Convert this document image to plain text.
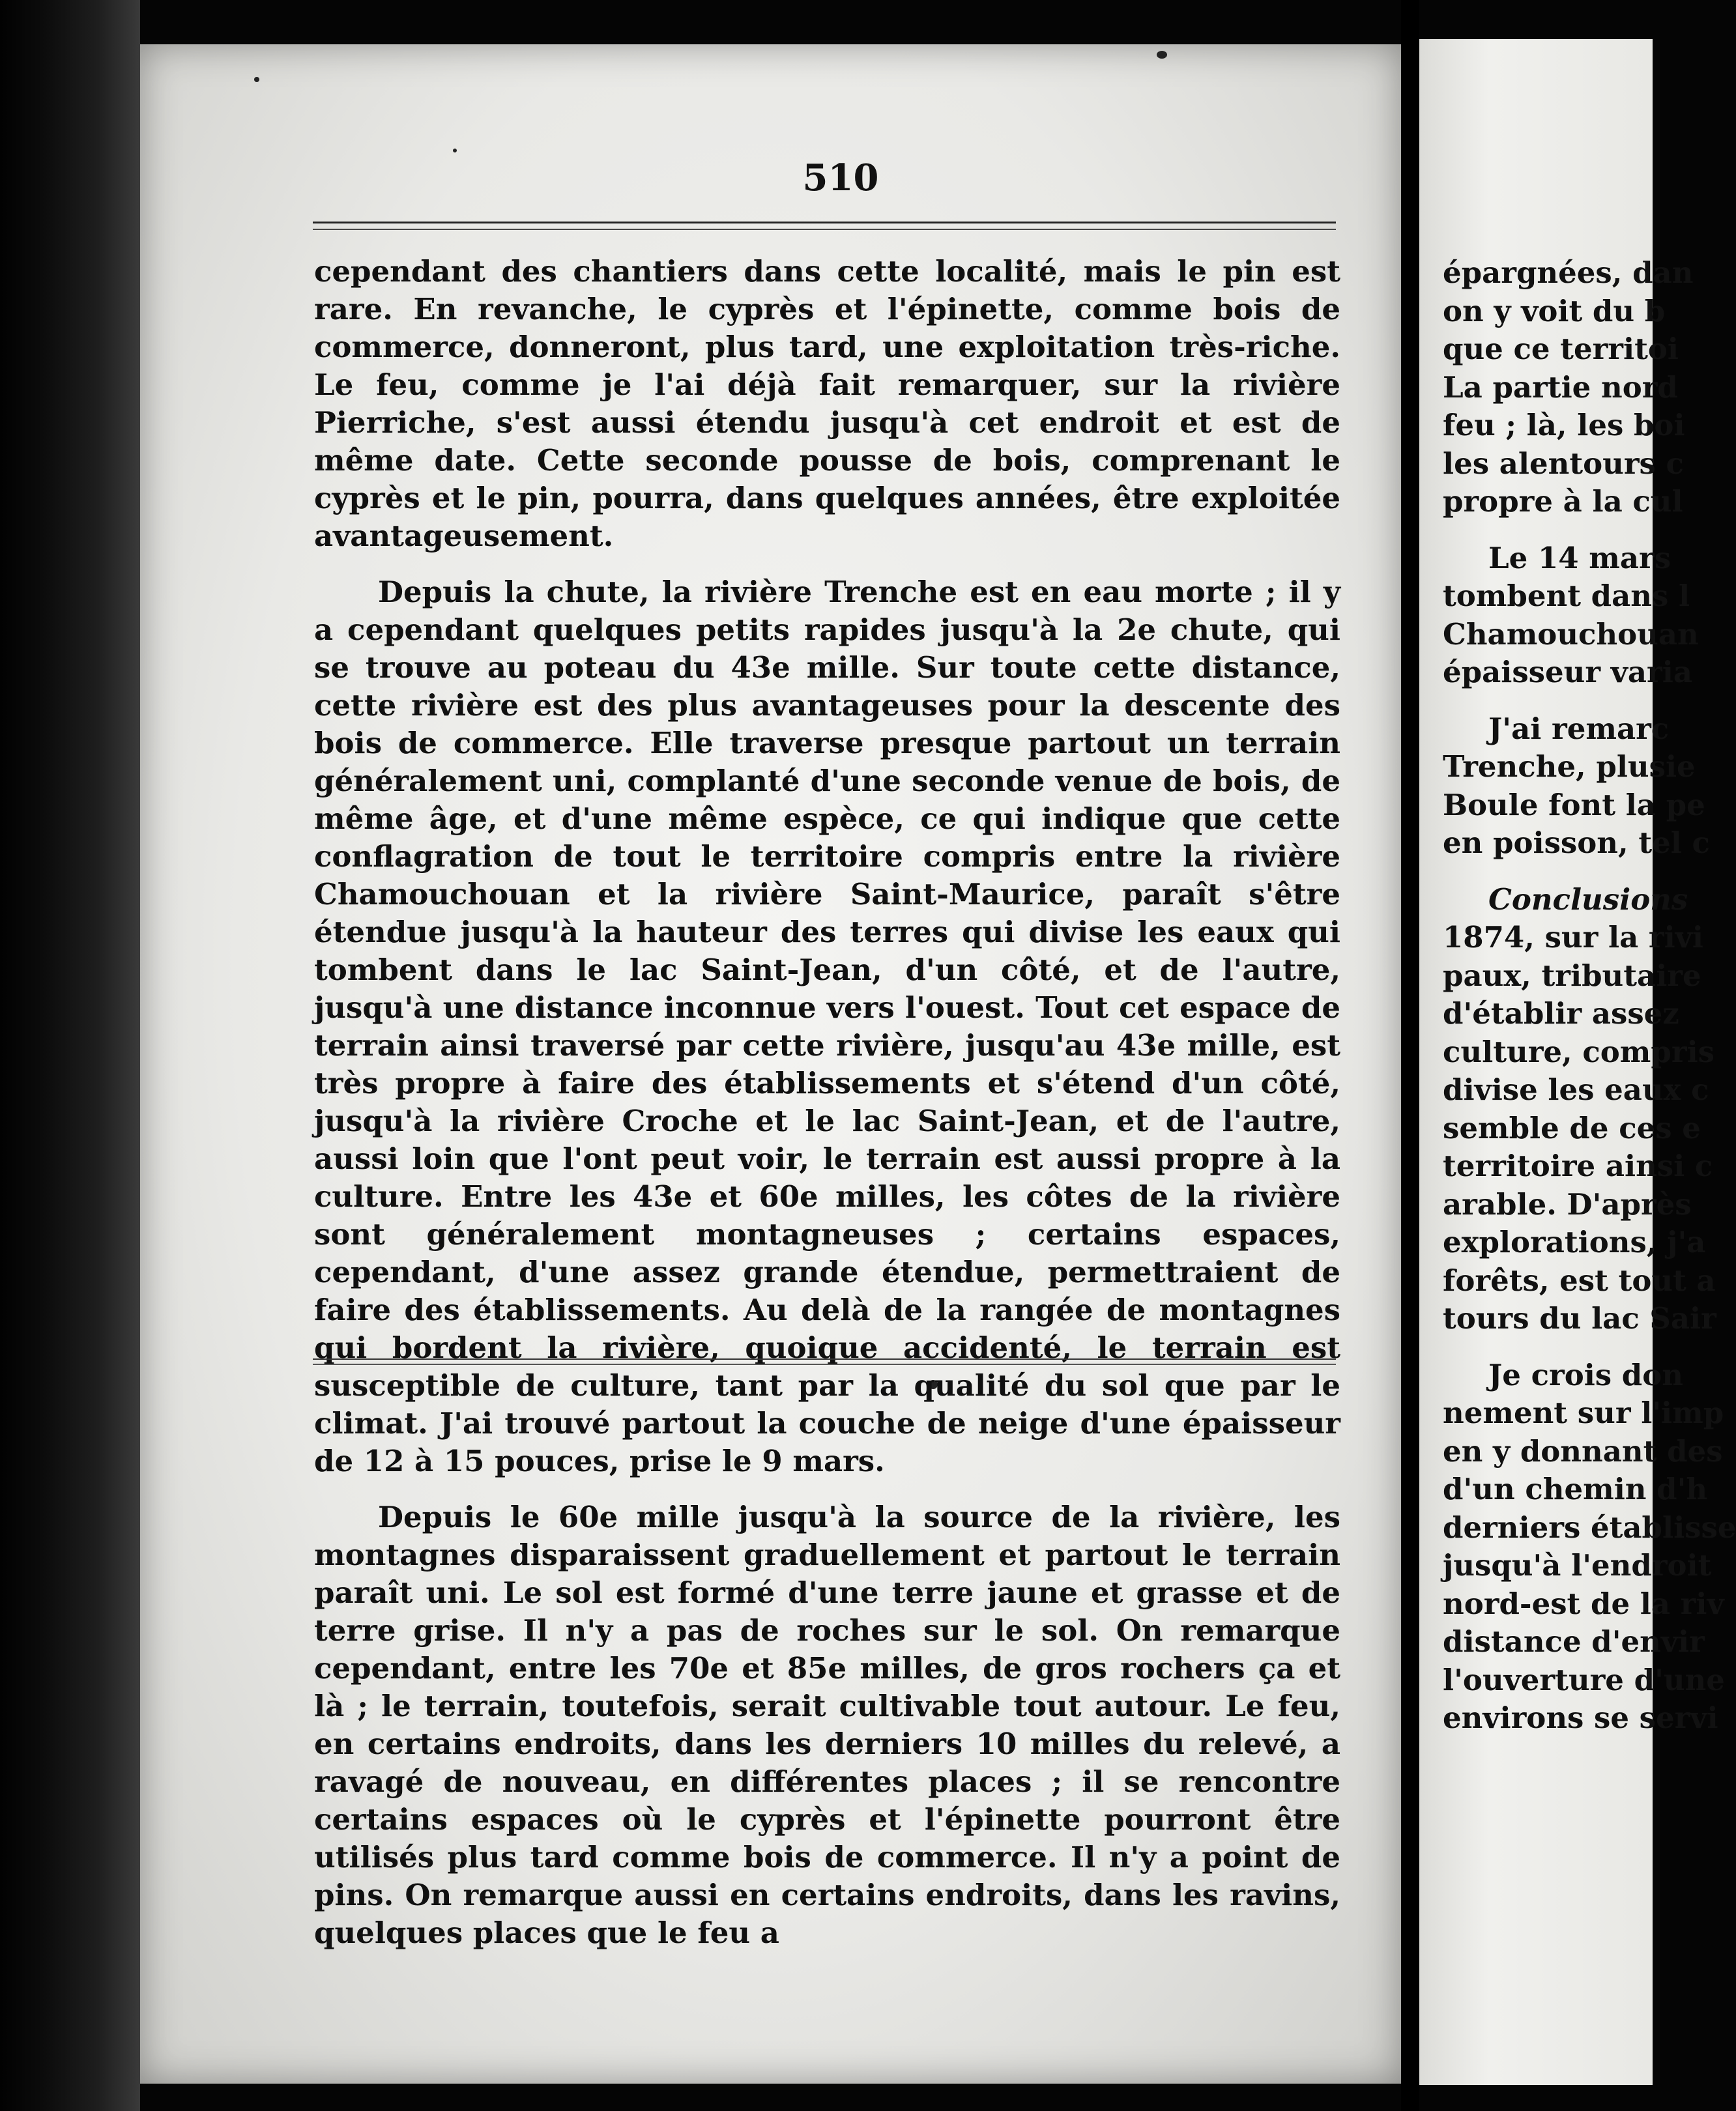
510

cependant des chantiers dans cette localité, mais le pin est rare. En revanche, le cyprès et l'épinette, comme bois de commerce, donneront, plus tard, une exploitation très-riche. Le feu, comme je l'ai déjà fait remarquer, sur la rivière Pierriche, s'est aussi étendu jusqu'à cet endroit et est de même date. Cette seconde pousse de bois, comprenant le cyprès et le pin, pourra, dans quelques années, être exploitée avantageusement.

Depuis la chute, la rivière Trenche est en eau morte ; il y a cependant quelques petits rapides jusqu'à la 2e chute, qui se trouve au poteau du 43e mille. Sur toute cette distance, cette rivière est des plus avantageuses pour la descente des bois de commerce. Elle traverse presque partout un terrain généralement uni, complanté d'une seconde venue de bois, de même âge, et d'une même espèce, ce qui indique que cette conflagration de tout le territoire compris entre la rivière Chamouchouan et la rivière Saint-Maurice, paraît s'être étendue jusqu'à la hauteur des terres qui divise les eaux qui tombent dans le lac Saint-Jean, d'un côté, et de l'autre, jusqu'à une distance inconnue vers l'ouest. Tout cet espace de terrain ainsi traversé par cette rivière, jusqu'au 43e mille, est très propre à faire des établissements et s'étend d'un côté, jusqu'à la rivière Croche et le lac Saint-Jean, et de l'autre, aussi loin que l'ont peut voir, le terrain est aussi propre à la culture. Entre les 43e et 60e milles, les côtes de la rivière sont généralement montagneuses ; certains espaces, cependant, d'une assez grande étendue, permettraient de faire des établissements. Au delà de la rangée de montagnes qui bordent la rivière, quoique accidenté, le terrain est susceptible de culture, tant par la qualité du sol que par le climat. J'ai trouvé partout la couche de neige d'une épaisseur de 12 à 15 pouces, prise le 9 mars.

Depuis le 60e mille jusqu'à la source de la rivière, les montagnes disparaissent graduellement et partout le terrain paraît uni. Le sol est formé d'une terre jaune et grasse et de terre grise. Il n'y a pas de roches sur le sol. On remarque cependant, entre les 70e et 85e milles, de gros rochers ça et là ; le terrain, toutefois, serait cultivable tout autour. Le feu, en certains endroits, dans les derniers 10 milles du relevé, a ravagé de nouveau, en différentes places ; il se rencontre certains espaces où le cyprès et l'épinette pourront être utilisés plus tard comme bois de commerce. Il n'y a point de pins. On remarque aussi en certains endroits, dans les ravins, quelques places que le feu a

épargnées, dan
on y voit du b
que ce territoi
La partie nord
feu ; là, les boi
les alentours c
propre à la cul
Le 14 mars
tombent dans l
Chamouchouan
épaisseur varia
J'ai remarc
Trenche, plusie
Boule font la pe
en poisson, tel c
Conclusions
1874, sur la rivi
paux, tributaire
d'établir assez
culture, compris
divise les eaux c
semble de ces e
territoire ainsi c
arable. D'après
explorations, j'a
forêts, est tout a
tours du lac Sair
Je crois don
nement sur l'imp
en y donnant des
d'un chemin d'h
derniers établisse
jusqu'à l'endroit
nord-est de la riv
distance d'envir
l'ouverture d'une
environs se servi
